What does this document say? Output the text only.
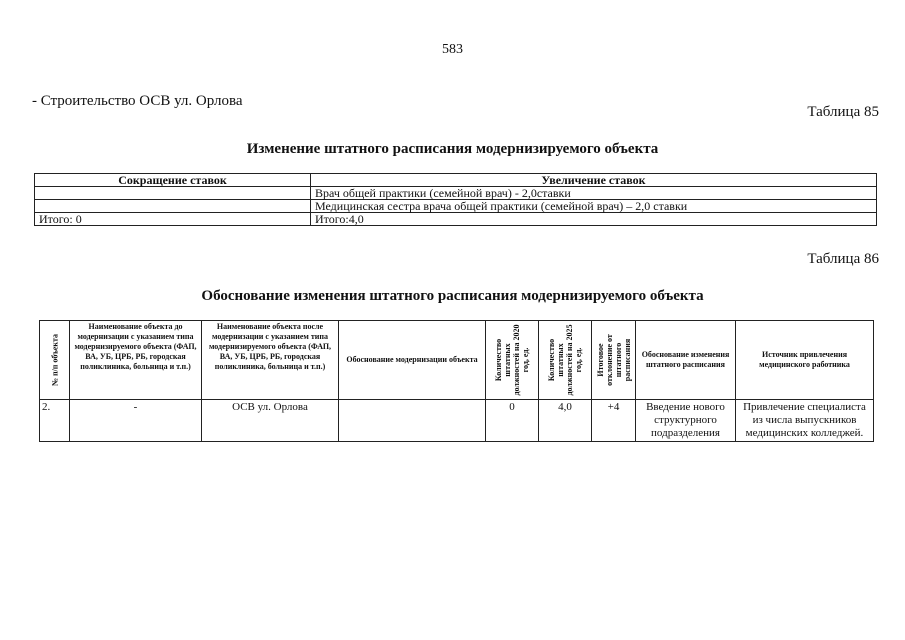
583
- Строительство ОСВ ул. Орлова
Таблица 85
Изменение штатного расписания модернизируемого объекта
Сокращение ставок	Увеличение ставок
	Врач общей практики (семейной врач) - 2,0ставки
	Медицинская сестра врача общей практики (семейной врач) – 2,0 ставки
Итого: 0	Итого:4,0
Таблица 86
Обоснование изменения штатного расписания модернизируемого объекта
№ п/п объекта	Наименование объекта до модернизации с указанием типа модернизируемого объекта (ФАП, ВА, УБ, ЦРБ, РБ, городская поликлиника, больница и т.п.)	Наименование объекта после модернизации с указанием типа модернизируемого объекта (ФАП, ВА, УБ, ЦРБ, РБ, городская поликлиника, больница и т.п.)	Обоснование модернизации объекта	Количество штатных должностей на 2020 год, ед.	Количество штатных должностей на 2025 год, ед.	Итоговое отклонение от штатного расписания	Обоснование изменения штатного расписания	Источник привлечения медицинского работника
2.	-	ОСВ ул. Орлова		0	4,0	+4	Введение нового структурного подразделения	Привлечение специалиста из числа выпускников медицинских колледжей.
